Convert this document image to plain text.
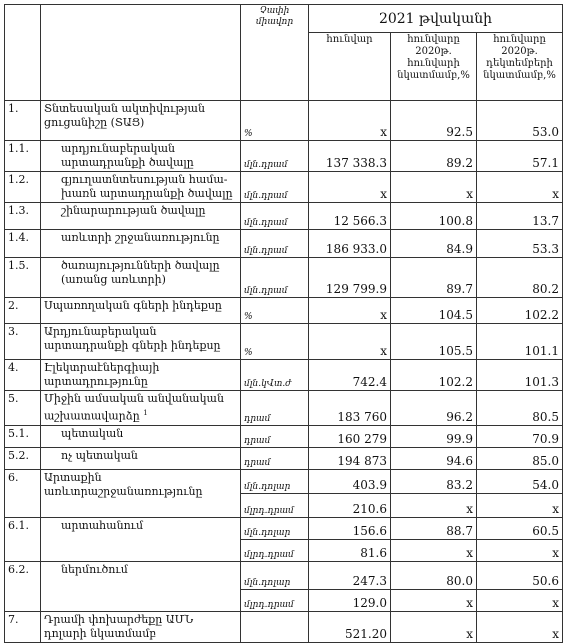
		Չափի միավոր	2021 թվականի		
			հունվար	հունվարը 2020թ. հունվարի նկատմամբ,%	հունվարը 2020թ. դեկտեմբերի նկատմամբ,%
1.	Տնտեսական ակտիվության ցուցանիշը (ՏԱՑ)	%	x	92.5	53.0
1.1.	արդյունաբերական արտադրանքի ծավալը	մլն.դրամ	137 338.3	89.2	57.1
1.2.	գյուղատնտեսության համա-խառն արտադրանքի ծավալը	մլն.դրամ	x	x	x
1.3.	շինարարության ծավալը	մլն.դրամ	12 566.3	100.8	13.7
1.4.	առևտրի շրջանառությունը	մլն.դրամ	186 933.0	84.9	53.3
1.5.	ծառայությունների ծավալը (առանց առևտրի)	մլն.դրամ	129 799.9	89.7	80.2
2.	Սպառողական գների ինդեքսը	%	x	104.5	102.2
3.	Արդյունաբերական արտադրանքի գների ինդեքսը	%	x	105.5	101.1
4.	Էլեկտրաէներգիայի արտադրությունը	մլն.կՎտ.ժ	742.4	102.2	101.3
5.	Միջին ամսական անվանական աշխատավարձը $^1$	դրամ	183 760	96.2	80.5
5.1.	պետական	դրամ	160 279	99.9	70.9
5.2.	ոչ պետական	դրամ	194 873	94.6	85.0
6.	Արտաքին առևտրաշրջանառությունը	մլն.դոլար	403.9	83.2	54.0
		մլրդ.դրամ	210.6	x	x
6.1.	արտահանում	մլն.դոլար	156.6	88.7	60.5
		մլրդ.դրամ	81.6	x	x
6.2.	ներմուծում	մլն.դոլար	247.3	80.0	50.6
		մլրդ.դրամ	129.0	x	x
7.	Դրամի փոխարժեքը ԱՄՆ դոլարի նկատմամբ		521.20	x	x
